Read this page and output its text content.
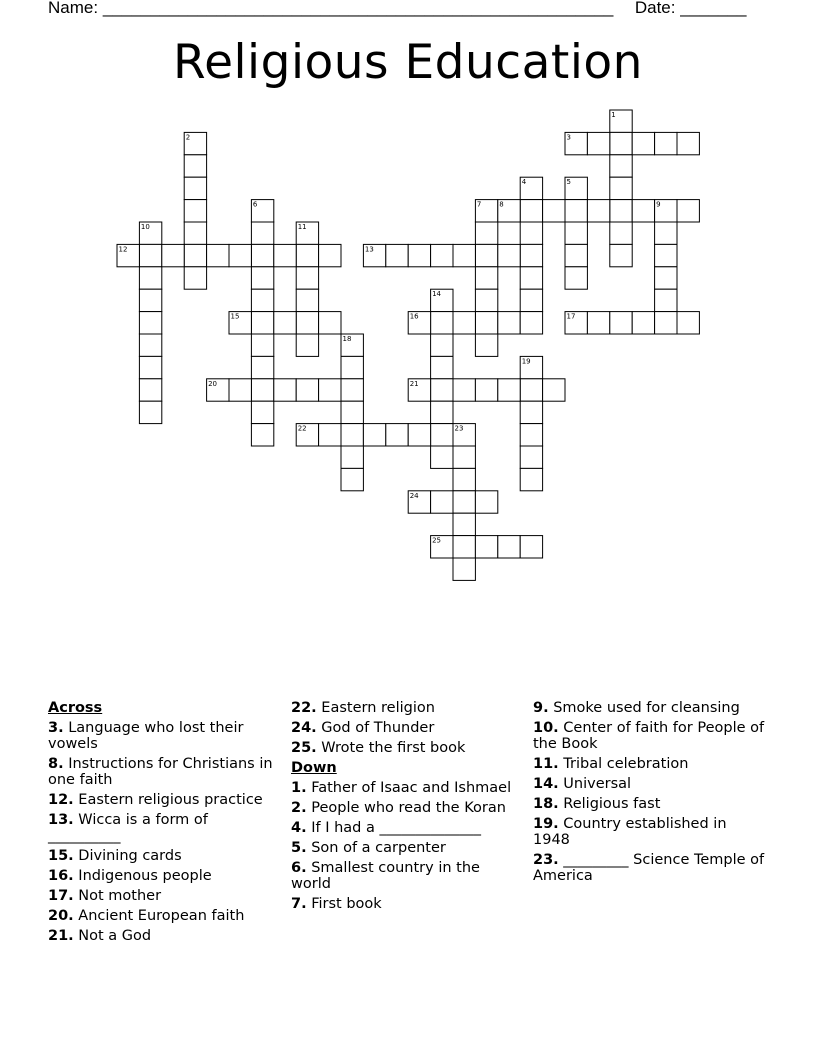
Name: ______________________________________________________ Date: _______
Religious Education
1
2	3
4	5
6	7	8	9
10	11
12	13
14
15	16	17
18
19
20	21
22	23
24
25
Across
3. Language who lost their vowels
8. Instructions for Christians in one faith
12. Eastern religious practice
13. Wicca is a form of __________
15. Divining cards
16. Indigenous people
17. Not mother
20. Ancient European faith
21. Not a God
22. Eastern religion
24. God of Thunder
25. Wrote the first book
Down
1. Father of Isaac and Ishmael
2. People who read the Koran
4. If I had a ______________
5. Son of a carpenter
6. Smallest country in the world
7. First book
9. Smoke used for cleansing
10. Center of faith for People of the Book
11. Tribal celebration
14. Universal
18. Religious fast
19. Country established in 1948
23. _________ Science Temple of America
